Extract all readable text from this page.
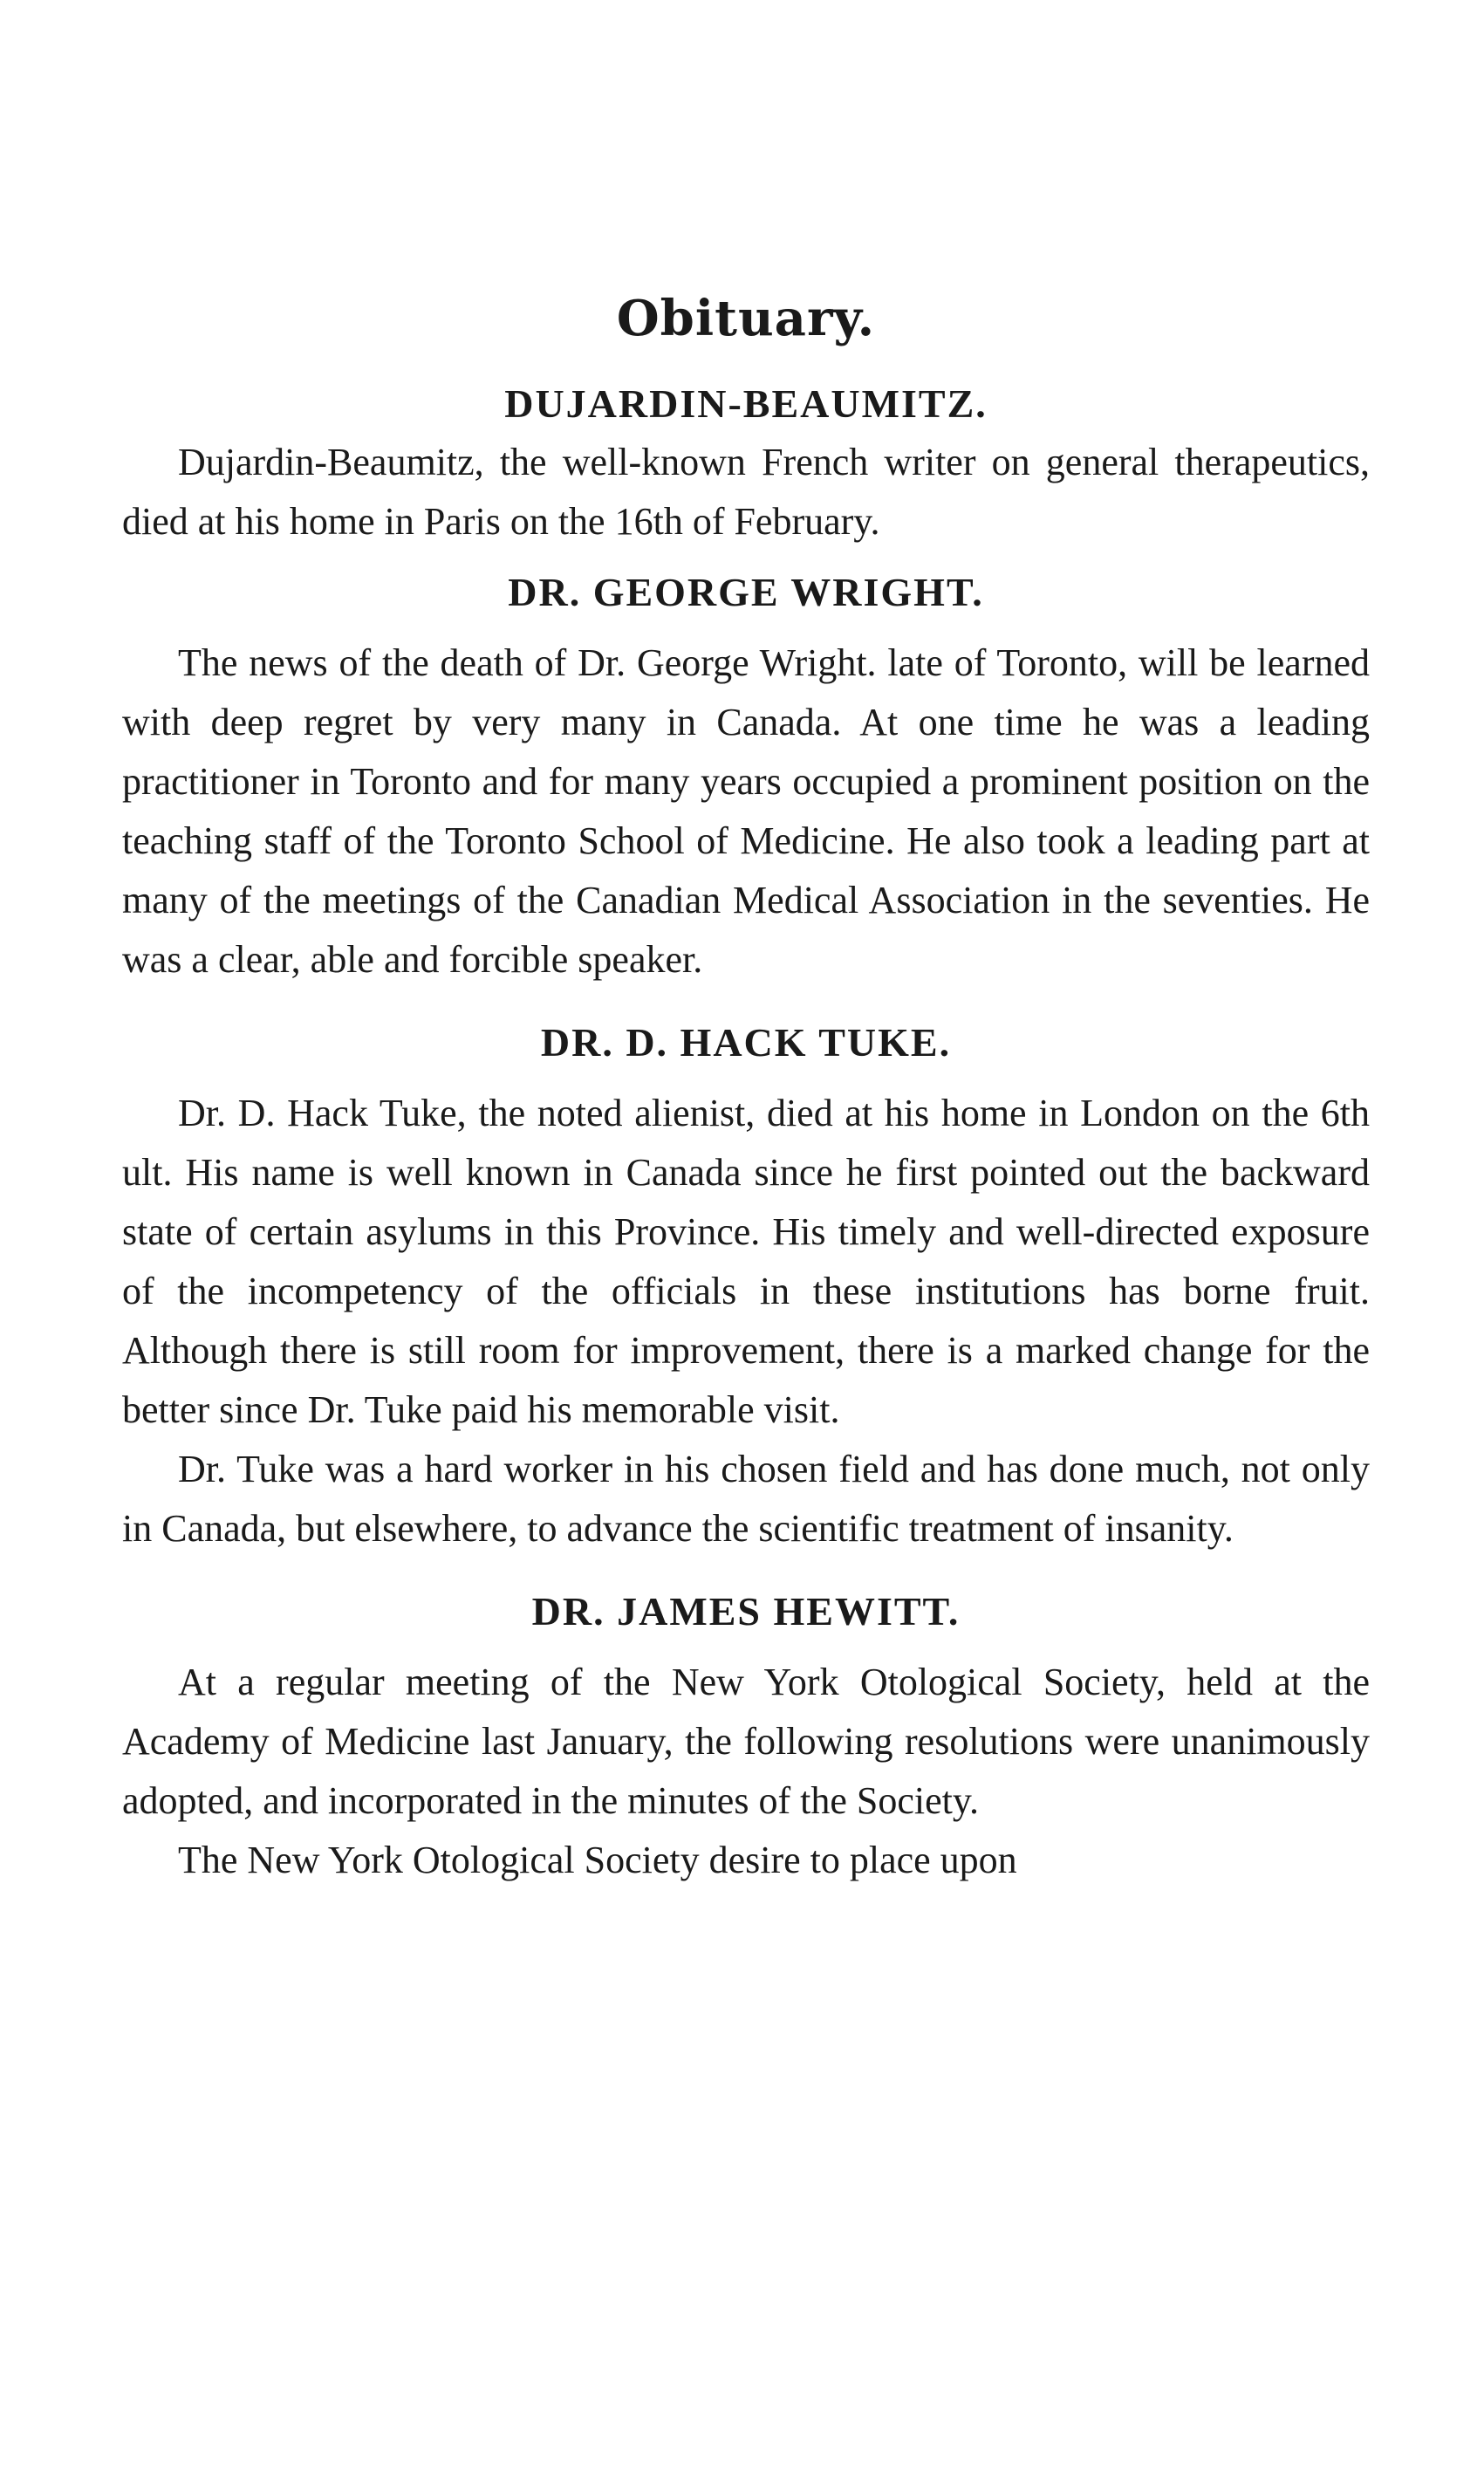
Obituary.
DUJARDIN-BEAUMITZ.

Dujardin-Beaumitz, the well-known French writer on general therapeutics, died at his home in Paris on the 16th of February.

DR. GEORGE WRIGHT.

The news of the death of Dr. George Wright. late of Toronto, will be learned with deep regret by very many in Canada. At one time he was a leading practitioner in Toronto and for many years occupied a prominent position on the teaching staff of the Toronto School of Medicine. He also took a leading part at many of the meetings of the Canadian Medical Association in the seventies. He was a clear, able and forcible speaker.

DR. D. HACK TUKE.

Dr. D. Hack Tuke, the noted alienist, died at his home in London on the 6th ult. His name is well known in Canada since he first pointed out the backward state of certain asylums in this Province. His timely and well-directed exposure of the incompetency of the officials in these institutions has borne fruit. Although there is still room for improvement, there is a marked change for the better since Dr. Tuke paid his memorable visit.

Dr. Tuke was a hard worker in his chosen field and has done much, not only in Canada, but elsewhere, to advance the scientific treatment of insanity.

DR. JAMES HEWITT.

At a regular meeting of the New York Otological Society, held at the Academy of Medicine last January, the following resolutions were unanimously adopted, and incorporated in the minutes of the Society.

The New York Otological Society desire to place upon
